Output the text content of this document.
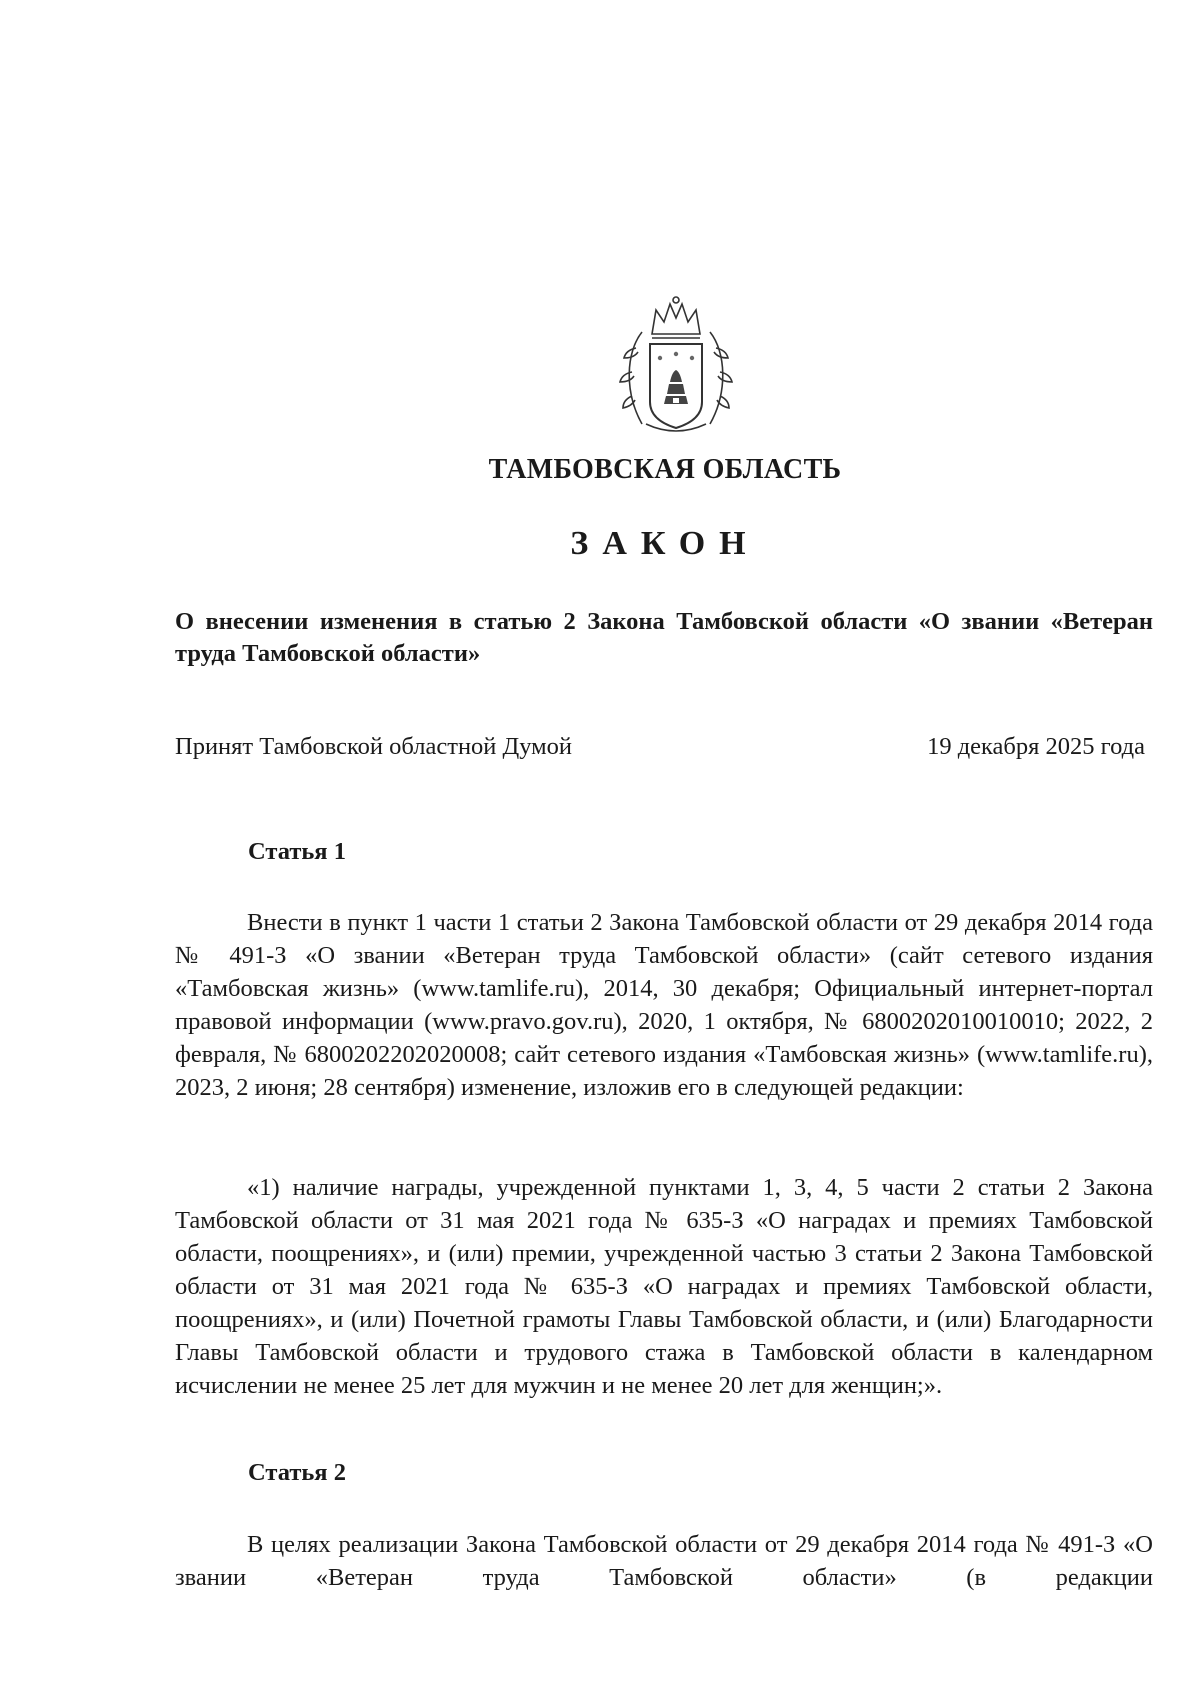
ТАМБОВСКАЯ ОБЛАСТЬ
ЗАКОН
О внесении изменения в статью 2 Закона Тамбовской области «О звании «Ветеран труда Тамбовской области»
Принят Тамбовской областной Думой	19 декабря 2025 года
Статья 1

Внести в пункт 1 части 1 статьи 2 Закона Тамбовской области от 29 декабря 2014 года № 491-З «О звании «Ветеран труда Тамбовской области» (сайт сетевого издания «Тамбовская жизнь» (www.tamlife.ru), 2014, 30 декабря; Официальный интернет-портал правовой информации (www.pravo.gov.ru), 2020, 1 октября, № 6800202010010010; 2022, 2 февраля, № 6800202202020008; сайт сетевого издания «Тамбовская жизнь» (www.tamlife.ru), 2023, 2 июня; 28 сентября) изменение, изложив его в следующей редакции:

«1) наличие награды, учрежденной пунктами 1, 3, 4, 5 части 2 статьи 2 Закона Тамбовской области от 31 мая 2021 года № 635-З «О наградах и премиях Тамбовской области, поощрениях», и (или) премии, учрежденной частью 3 статьи 2 Закона Тамбовской области от 31 мая 2021 года № 635-З «О наградах и премиях Тамбовской области, поощрениях», и (или) Почетной грамоты Главы Тамбовской области, и (или) Благодарности Главы Тамбовской области и трудового стажа в Тамбовской области в календарном исчислении не менее 25 лет для мужчин и не менее 20 лет для женщин;».

Статья 2

В целях реализации Закона Тамбовской области от 29 декабря 2014 года № 491-З «О звании «Ветеран труда Тамбовской области» (в редакции
